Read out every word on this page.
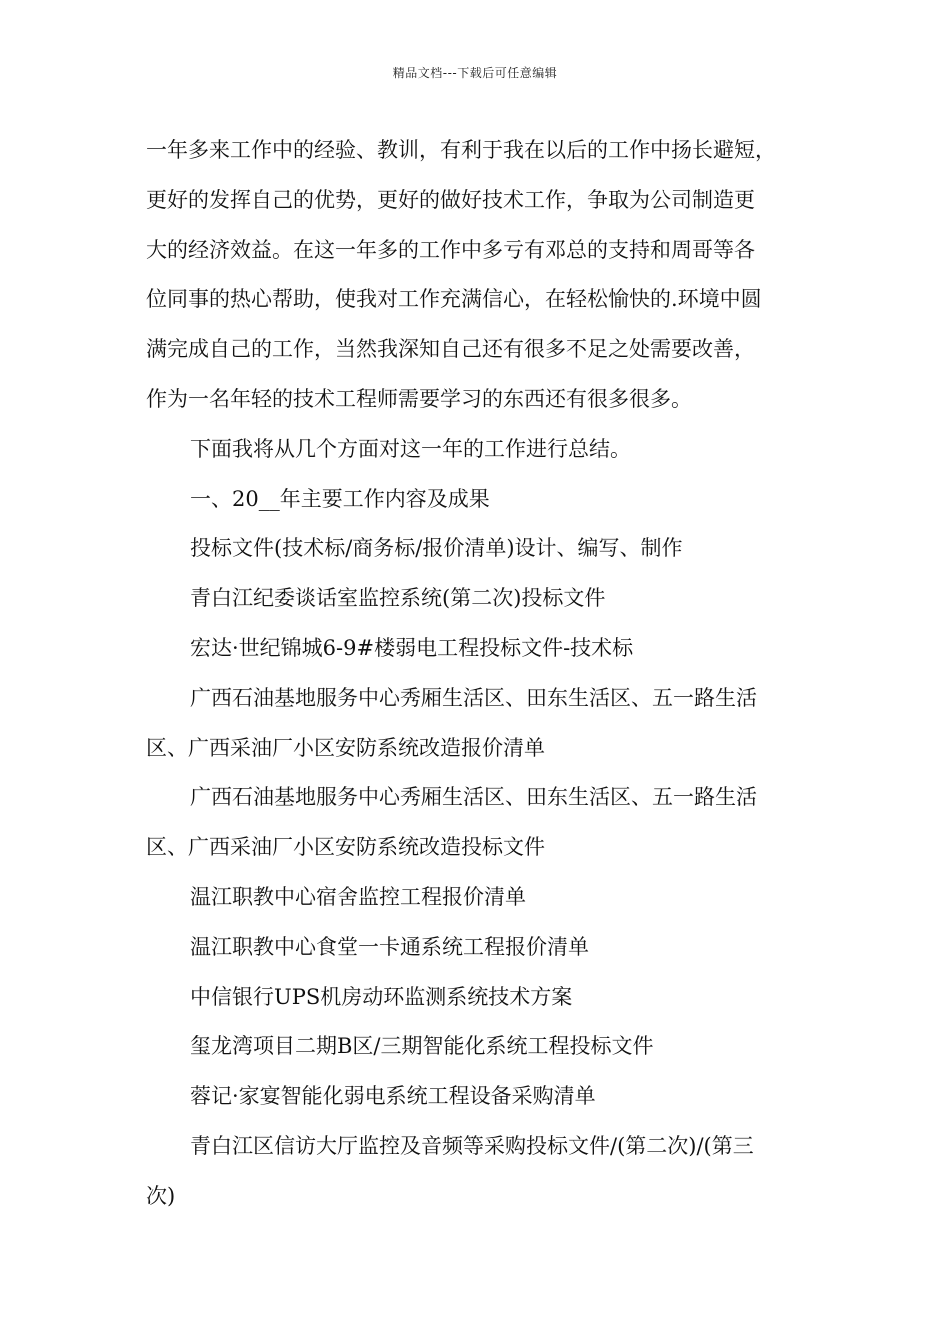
精品文档---下载后可任意编辑
一年多来工作中的经验、教训，有利于我在以后的工作中扬长避短，
更好的发挥自己的优势，更好的做好技术工作，争取为公司制造更
大的经济效益。在这一年多的工作中多亏有邓总的支持和周哥等各
位同事的热心帮助，使我对工作充满信心，在轻松愉快的.环境中圆
满完成自己的工作，当然我深知自己还有很多不足之处需要改善，
作为一名年轻的技术工程师需要学习的东西还有很多很多。
下面我将从几个方面对这一年的工作进行总结。
一、20__年主要工作内容及成果
投标文件(技术标/商务标/报价清单)设计、编写、制作
青白江纪委谈话室监控系统(第二次)投标文件
宏达·世纪锦城6-9#楼弱电工程投标文件-技术标
广西石油基地服务中心秀厢生活区、田东生活区、五一路生活
区、广西采油厂小区安防系统改造报价清单
广西石油基地服务中心秀厢生活区、田东生活区、五一路生活
区、广西采油厂小区安防系统改造投标文件
温江职教中心宿舍监控工程报价清单
温江职教中心食堂一卡通系统工程报价清单
中信银行UPS机房动环监测系统技术方案
玺龙湾项目二期B区/三期智能化系统工程投标文件
蓉记·家宴智能化弱电系统工程设备采购清单
青白江区信访大厅监控及音频等采购投标文件/(第二次)/(第三
次)
